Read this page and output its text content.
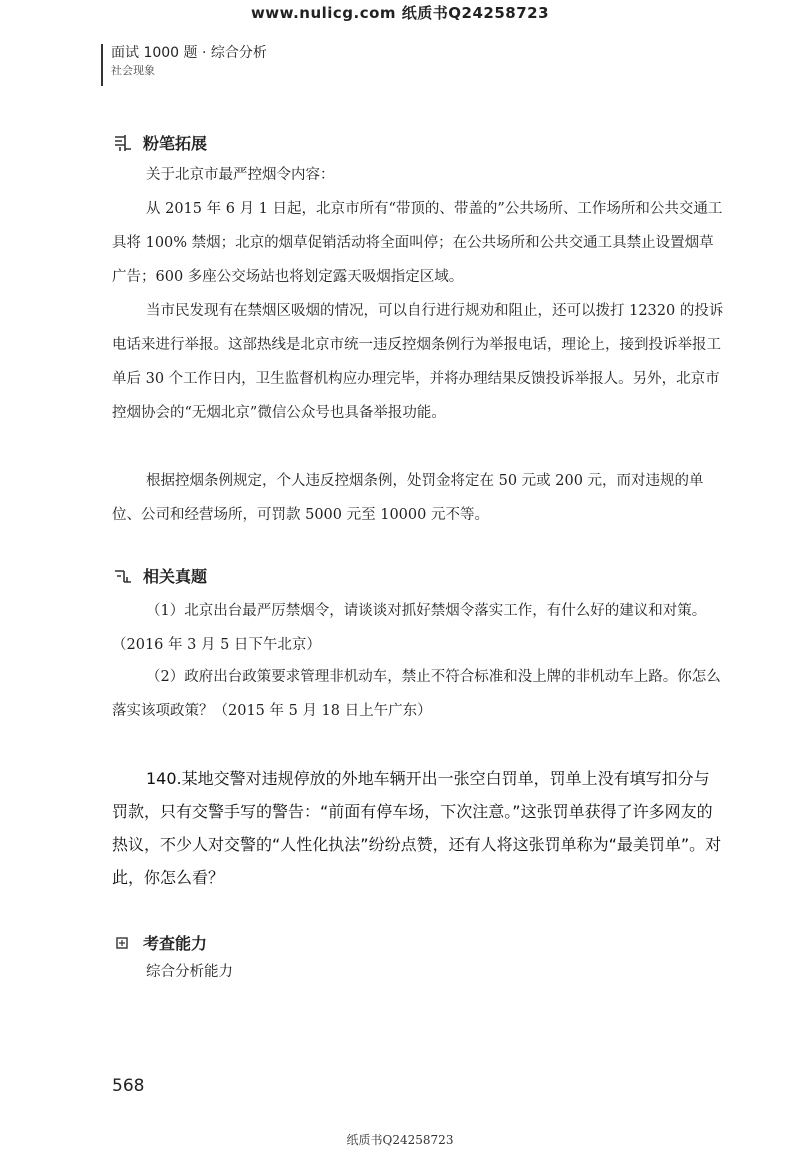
www.nulicg.com 纸质书Q24258723
面试 1000 题 · 综合分析
社会现象
粉笔拓展
关于北京市最严控烟令内容：
从 2015 年 6 月 1 日起，北京市所有“带顶的、带盖的”公共场所、工作场所和公共交通工具将 100% 禁烟；北京的烟草促销活动将全面叫停；在公共场所和公共交通工具禁止设置烟草广告；600 多座公交场站也将划定露天吸烟指定区域。
当市民发现有在禁烟区吸烟的情况，可以自行进行规劝和阻止，还可以拨打 12320 的投诉电话来进行举报。这部热线是北京市统一违反控烟条例行为举报电话，理论上，接到投诉举报工单后 30 个工作日内，卫生监督机构应办理完毕，并将办理结果反馈投诉举报人。另外，北京市控烟协会的“无烟北京”微信公众号也具备举报功能。
根据控烟条例规定，个人违反控烟条例，处罚金将定在 50 元或 200 元，而对违规的单位、公司和经营场所，可罚款 5000 元至 10000 元不等。
相关真题
（1）北京出台最严厉禁烟令，请谈谈对抓好禁烟令落实工作，有什么好的建议和对策。（2016 年 3 月 5 日下午北京）
（2）政府出台政策要求管理非机动车，禁止不符合标准和没上牌的非机动车上路。你怎么落实该项政策？（2015 年 5 月 18 日上午广东）
140.某地交警对违规停放的外地车辆开出一张空白罚单，罚单上没有填写扣分与罚款，只有交警手写的警告：“前面有停车场，下次注意。”这张罚单获得了许多网友的热议，不少人对交警的“人性化执法”纷纷点赞，还有人将这张罚单称为“最美罚单”。对此，你怎么看？
考查能力
综合分析能力
568
纸质书Q24258723
